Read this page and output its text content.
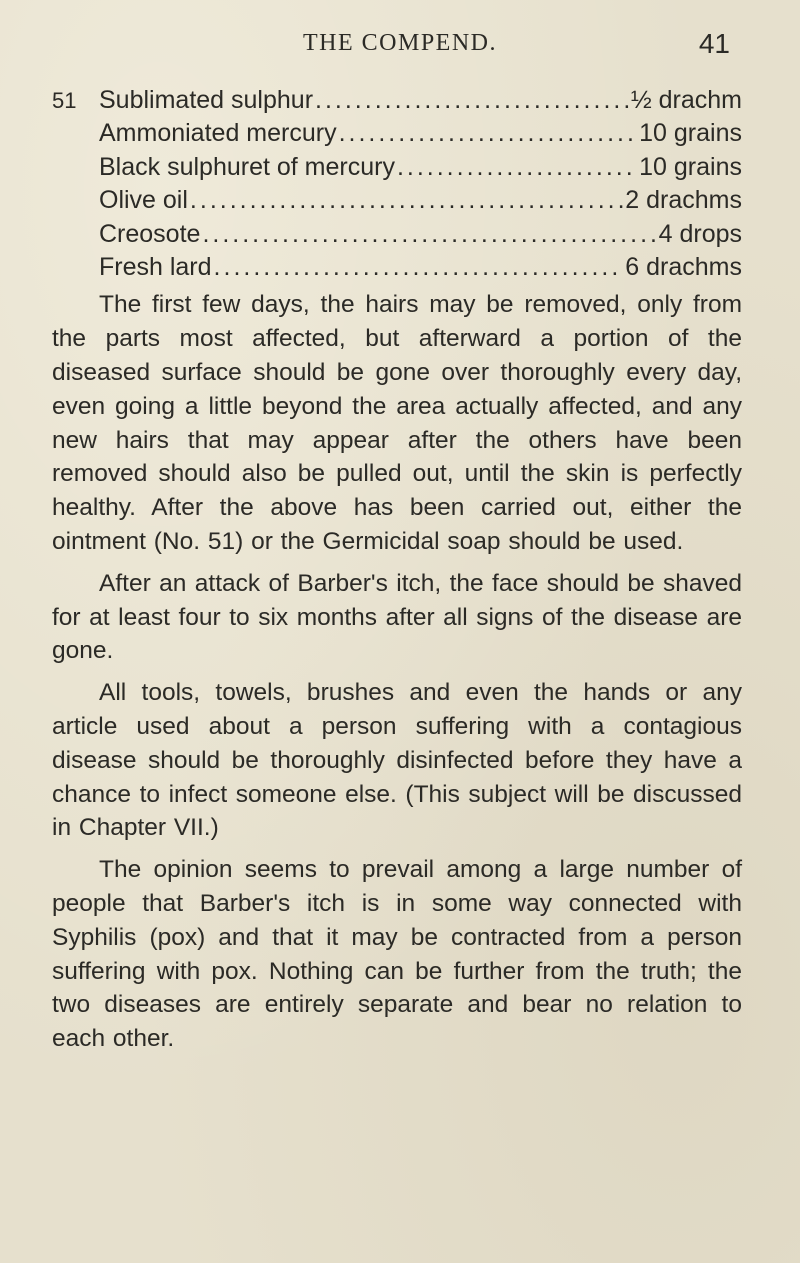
THE COMPEND.	41
51 Sublimated sulphur .....	½ drachm
Ammoniated mercury .....	10 grains
Black sulphuret of mercury .....	10 grains
Olive oil .....	2 drachms
Creosote .....	4 drops
Fresh lard .....	6 drachms

The first few days, the hairs may be removed, only from the parts most affected, but afterward a portion of the diseased surface should be gone over thoroughly every day, even going a little beyond the area actually affected, and any new hairs that may appear after the others have been removed should also be pulled out, until the skin is perfectly healthy. After the above has been carried out, either the ointment (No. 51) or the Germicidal soap should be used.

After an attack of Barber's itch, the face should be shaved for at least four to six months after all signs of the disease are gone.

All tools, towels, brushes and even the hands or any article used about a person suffering with a contagious disease should be thoroughly disinfected before they have a chance to infect someone else. (This subject will be discussed in Chapter VII.)

The opinion seems to prevail among a large number of people that Barber's itch is in some way connected with Syphilis (pox) and that it may be contracted from a person suffering with pox. Nothing can be further from the truth; the two diseases are entirely separate and bear no relation to each other.
